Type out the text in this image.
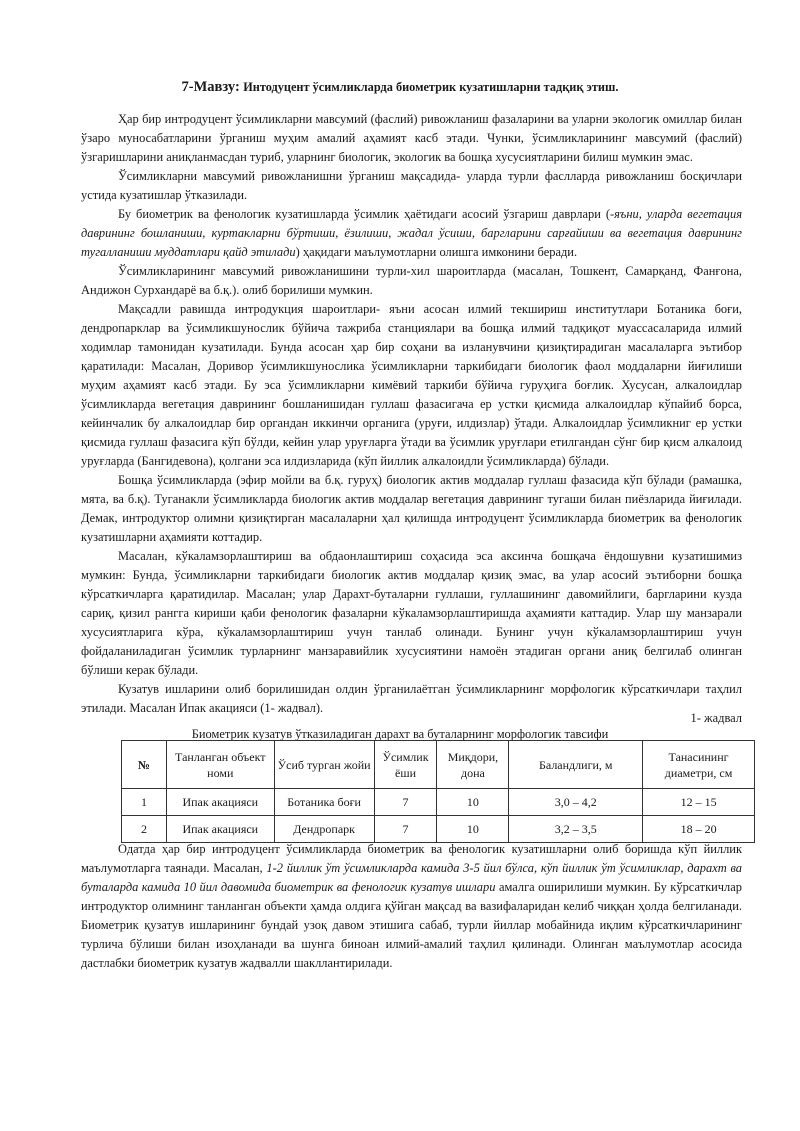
7-Мавзу: Интодуцент ўсимликларда биометрик кузатишларни тадқиқ этиш.

Ҳар бир интродуцент ўсимликларни мавсумий (фаслий) ривожланиш фазаларини ва уларни экологик омиллар билан ўзаро муносабатларини ўрганиш муҳим амалий аҳамият касб этади. Чунки, ўсимликларининг мавсумий (фаслий) ўзгаришларини аниқланмасдан туриб, уларнинг биологик, экологик ва бошқа хусусиятларини билиш мумкин эмас.

Ўсимликларни мавсумий ривожланишни ўрганиш мақсадида- уларда турли фаслларда ривожланиш босқичлари устида кузатишлар ўтказилади.

Бу биометрик ва фенологик кузатишларда ўсимлик ҳаётидаги асосий ўзгариш даврлари (-яъни, уларда вегетация даврининг бошланиши, куртакларни бўртиши, ёзилиши, жадал ўсиши, баргларини сарғайиши ва вегетация даврининг тугалланиши муддатлари қайд этилади) ҳақидаги маълумотларни олишга имконини беради.

Ўсимликларининг мавсумий ривожланишини турли-хил шароитларда (масалан, Тошкент, Самарқанд, Фанғона, Андижон Сурхандарё ва б.қ.). олиб борилиши мумкин.

Мақсадли равишда интродукция шароитлари- яъни асосан илмий текшириш институтлари Ботаника боғи, дендропарклар ва ўсимликшунослик бўйича тажриба станциялари ва бошқа илмий тадқиқот муассасаларида илмий ходимлар тамонидан кузатилади. Бунда асосан ҳар бир соҳани ва изланувчини қизиқтирадиган масалаларга эътибор қаратилади: Масалан, Доривор ўсимликшунослика ўсимликларни таркибидаги биологик фаол моддаларни йиғилиши муҳим аҳамият касб этади. Бу эса ўсимликларни кимёвий таркиби бўйича гуруҳига боғлик. Хусусан, алкалоидлар ўсимликларда вегетация даврининг бошланишидан гуллаш фазасигача ер устки қисмида алкалоидлар кўпайиб борса, кейинчалик бу алкалоидлар бир органдан иккинчи органига (уруғи, илдизлар) ўтади. Алкалоидлар ўсимликниг ер устки қисмида гуллаш фазасига кўп бўлди, кейин улар уруғларга ўтади ва ўсимлик уруғлари етилгандан сўнг бир қисм алкалоид уруғларда (Бангидевона), қолгани эса илдизларида (кўп йиллик алкалоидли ўсимликларда) бўлади.

Бошқа ўсимликларда (эфир мойли ва б.қ. гуруҳ) биологик актив моддалар гуллаш фазасида кўп бўлади (рамашка, мята, ва б.қ). Туганакли ўсимликларда биологик актив моддалар вегетация даврининг тугаши билан пиёзларида йиғилади. Демак, интродуктор олимни қизиқтирган масалаларни ҳал қилишда интродуцент ўсимликларда биометрик ва фенологик кузатишларни аҳамияти коттадир.

Масалан, кўкаламзорлаштириш ва обдаонлаштириш соҳасида эса аксинча бошқача ёндошувни кузатишимиз мумкин: Бунда, ўсимликларни таркибидаги биологик актив моддалар қизиқ эмас, ва улар асосий эътиборни бошқа кўрсаткичларга қаратидилар. Масалан; улар Дарахт-буталарни гуллаши, гуллашининг давомийлиги, баргларини кузда сариқ, қизил рангга кириши қаби фенологик фазаларни кўкаламзорлаштиришда аҳамияти каттадир. Улар шу манзарали хусусиятларига кўра, кўкаламзорлаштириш учун танлаб олинади. Бунинг учун кўкаламзорлаштириш учун фойдаланиладиган ўсимлик турларнинг манзаравийлик хусусиятини намоён этадиган органи аниқ белгилаб олинган бўлиши керак бўлади.

Кузатув ишларини олиб борилишидан олдин ўрганилаётган ўсимликларнинг морфологик кўрсаткичлари таҳлил этилади. Масалан Ипак акацияси (1- жадвал).

1- жадвал
Биометрик кузатув ўтказиладиган дарахт ва буталарнинг морфологик тавсифи
№	Танланган объект номи	Ўсиб турган жойи	Ўсимлик ёши	Миқдори, дона	Баландлиги, м	Танасининг диаметри, см
1	Ипак акацияси	Ботаника боғи	7	10	3,0 – 4,2	12 – 15
2	Ипак акацияси	Дендропарк	7	10	3,2 – 3,5	18 – 20

Одатда ҳар бир интродуцент ўсимликларда биометрик ва фенологик кузатишларни олиб боришда кўп йиллик маълумотларга таянади. Масалан, 1-2 йиллик ўт ўсимликларда камида 3-5 йил бўлса, кўп йиллик ўт ўсимликлар, дарахт ва буталарда камида 10 йил давомида биометрик ва фенологик кузатув ишлари амалга оширилиши мумкин. Бу кўрсаткичлар интродуктор олимнинг танланган объекти ҳамда олдига қўйган мақсад ва вазифаларидан келиб чиққан ҳолда белгиланади. Биометрик қузатув ишларининг бундай узоқ давом этишига сабаб, турли йиллар мобайнида иқлим кўрсаткичларининг турлича бўлиши билан изоҳланади ва шунга биноан илмий-амалий таҳлил қилинади. Олинган маълумотлар асосида дастлабки биометрик кузатув жадвалли шакллантирилади.
